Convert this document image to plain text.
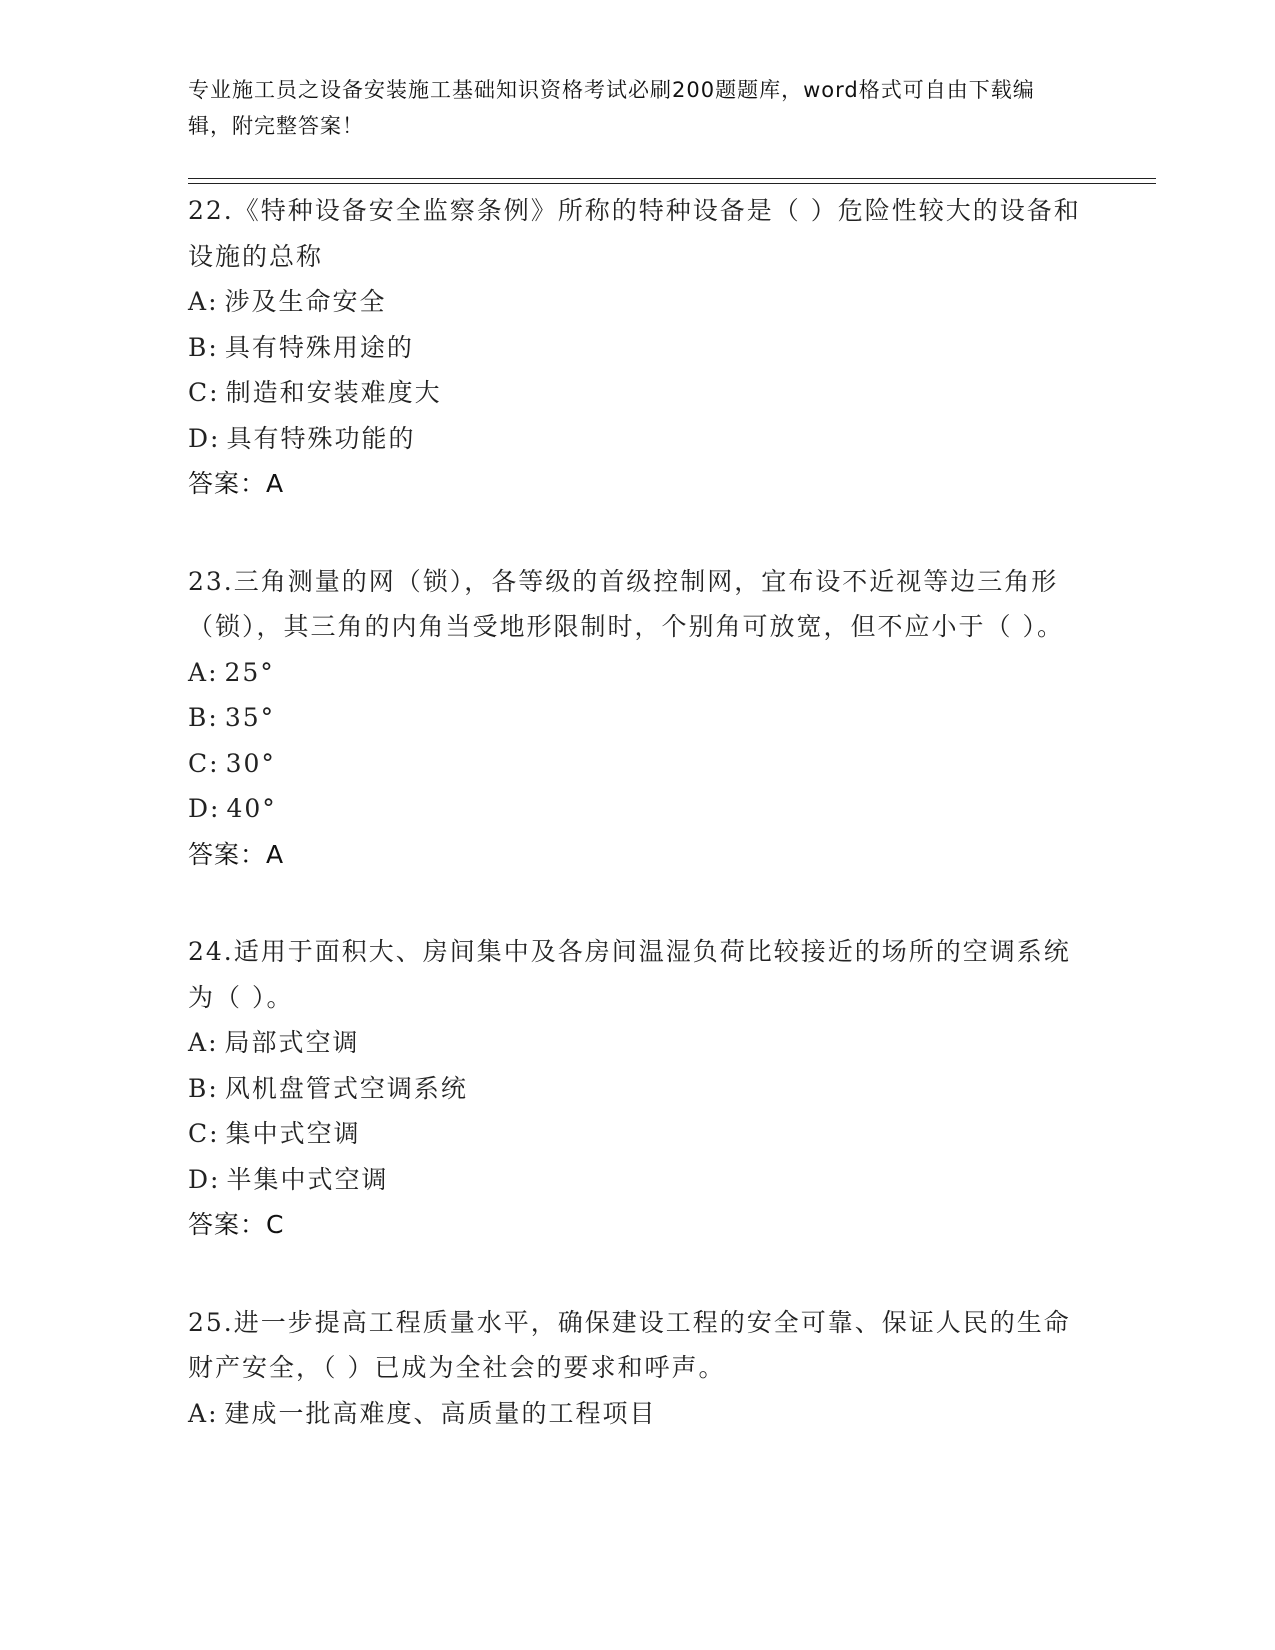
专业施工员之设备安装施工基础知识资格考试必刷200题题库，word格式可自由下载编辑，附完整答案！

22.《特种设备安全监察条例》所称的特种设备是（ ）危险性较大的设备和设施的总称

A: 涉及生命安全

B: 具有特殊用途的

C: 制造和安装难度大

D: 具有特殊功能的

答案：A

23.三角测量的网（锁），各等级的首级控制网，宜布设不近视等边三角形（锁），其三角的内角当受地形限制时，个别角可放宽，但不应小于（ ）。

A: 25°

B: 35°

C: 30°

D: 40°

答案：A

24.适用于面积大、房间集中及各房间温湿负荷比较接近的场所的空调系统为（ ）。

A: 局部式空调

B: 风机盘管式空调系统

C: 集中式空调

D: 半集中式空调

答案：C

25.进一步提高工程质量水平，确保建设工程的安全可靠、保证人民的生命财产安全，（ ）已成为全社会的要求和呼声。

A: 建成一批高难度、高质量的工程项目
